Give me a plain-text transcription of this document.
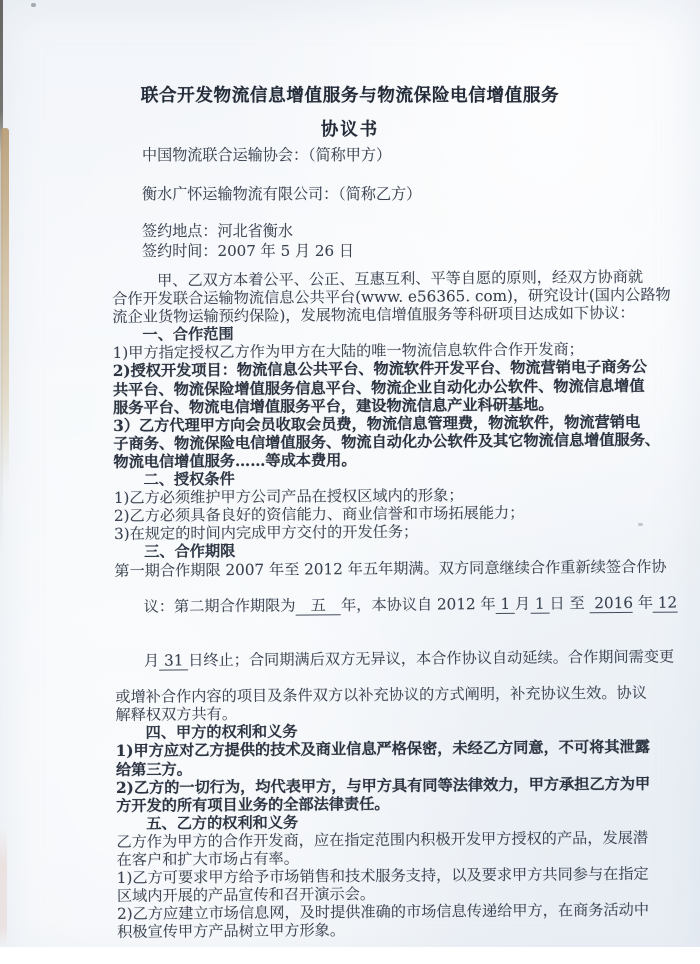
联合开发物流信息增值服务与物流保险电信增值服务
协议书
中国物流联合运输协会：（简称甲方）
衡水广怀运输物流有限公司：（简称乙方）
签约地点：河北省衡水
签约时间：2007 年 5 月 26 日
甲、乙双方本着公平、公正、互惠互利、平等自愿的原则，经双方协商就
合作开发联合运输物流信息公共平台(www. e56365. com)，研究设计(国内公路物
流企业货物运输预约保险)，发展物流电信增值服务等科研项目达成如下协议：
一、合作范围
1)甲方指定授权乙方作为甲方在大陆的唯一物流信息软件合作开发商；
2)授权开发项目：物流信息公共平台、物流软件开发平台、物流营销电子商务公
共平台、物流保险增值服务信息平台、物流企业自动化办公软件、物流信息增值
服务平台、物流电信增值服务平台，建设物流信息产业科研基地。
3）乙方代理甲方向会员收取会员费，物流信息管理费，物流软件，物流营销电
子商务、物流保险电信增值服务、物流自动化办公软件及其它物流信息增值服务、
物流电信增值服务……等成本费用。
二、授权条件
1)乙方必须维护甲方公司产品在授权区域内的形象；
2)乙方必须具备良好的资信能力、商业信誉和市场拓展能力；
3)在规定的时间内完成甲方交付的开发任务；
三、合作期限
第一期合作期限 2007 年至 2012 年五年期满。双方同意继续合作重新续签合作协

议：第二期合作期限为　五　年，本协议自 2012 年 1 月 1 日 至  2016 年 12

月 31 日终止；合同期满后双方无异议，本合作协议自动延续。合作期间需变更

或增补合作内容的项目及条件双方以补充协议的方式阐明，补充协议生效。协议
解释权双方共有。
四、甲方的权利和义务
1)甲方应对乙方提供的技术及商业信息严格保密，未经乙方同意，不可将其泄露
给第三方。
2)乙方的一切行为，均代表甲方，与甲方具有同等法律效力，甲方承担乙方为甲
方开发的所有项目业务的全部法律责任。
五、乙方的权利和义务
乙方作为甲方的合作开发商，应在指定范围内积极开发甲方授权的产品，发展潜
在客户和扩大市场占有率。
1)乙方可要求甲方给予市场销售和技术服务支持，以及要求甲方共同参与在指定
区域内开展的产品宣传和召开演示会。
2)乙方应建立市场信息网，及时提供准确的市场信息传递给甲方，在商务活动中
积极宣传甲方产品树立甲方形象。
